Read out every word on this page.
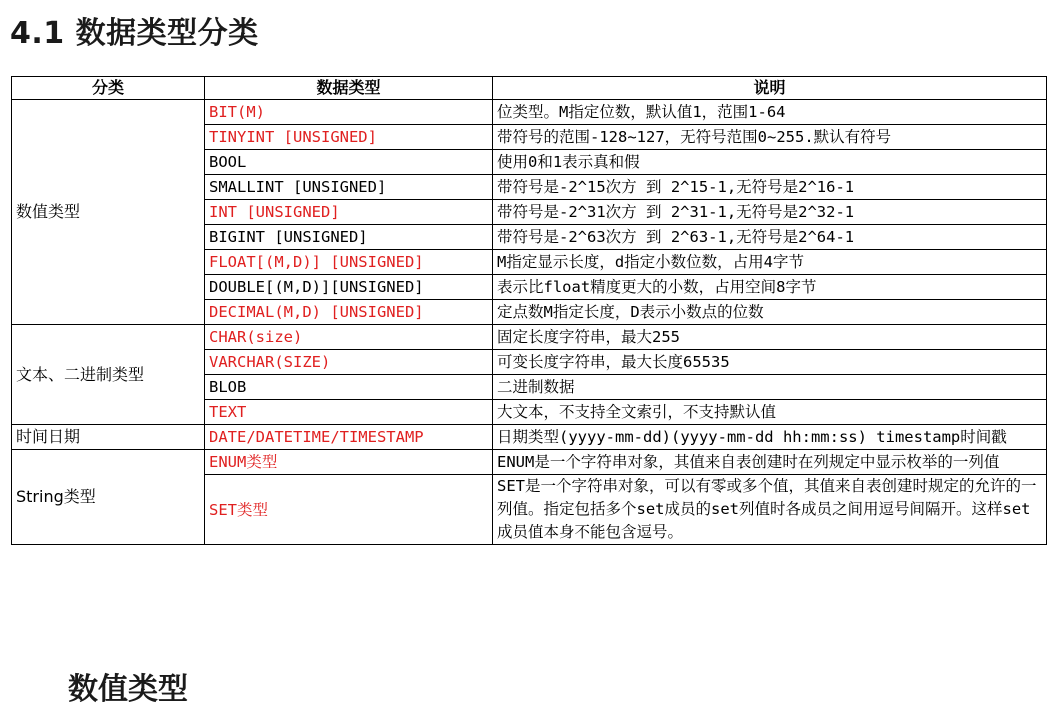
4.1 数据类型分类
分类	数据类型	说明
数值类型	BIT(M)	位类型。M指定位数，默认值1，范围1-64
	TINYINT [UNSIGNED]	带符号的范围-128~127，无符号范围0~255.默认有符号
	BOOL	使用0和1表示真和假
	SMALLINT [UNSIGNED]	带符号是-2^15次方 到 2^15-1,无符号是2^16-1
	INT [UNSIGNED]	带符号是-2^31次方 到 2^31-1,无符号是2^32-1
	BIGINT [UNSIGNED]	带符号是-2^63次方 到 2^63-1,无符号是2^64-1
	FLOAT[(M,D)] [UNSIGNED]	M指定显示长度，d指定小数位数，占用4字节
	DOUBLE[(M,D)][UNSIGNED]	表示比float精度更大的小数，占用空间8字节
	DECIMAL(M,D) [UNSIGNED]	定点数M指定长度，D表示小数点的位数
文本、二进制类型	CHAR(size)	固定长度字符串，最大255
	VARCHAR(SIZE)	可变长度字符串，最大长度65535
	BLOB	二进制数据
	TEXT	大文本，不支持全文索引，不支持默认值
时间日期	DATE/DATETIME/TIMESTAMP	日期类型(yyyy-mm-dd)(yyyy-mm-dd hh:mm:ss) timestamp时间戳
String类型	ENUM类型	ENUM是一个字符串对象，其值来自表创建时在列规定中显示枚举的一列值
	SET类型	SET是一个字符串对象，可以有零或多个值，其值来自表创建时规定的允许的一列值。指定包括多个set成员的set列值时各成员之间用逗号间隔开。这样set成员值本身不能包含逗号。
数值类型
